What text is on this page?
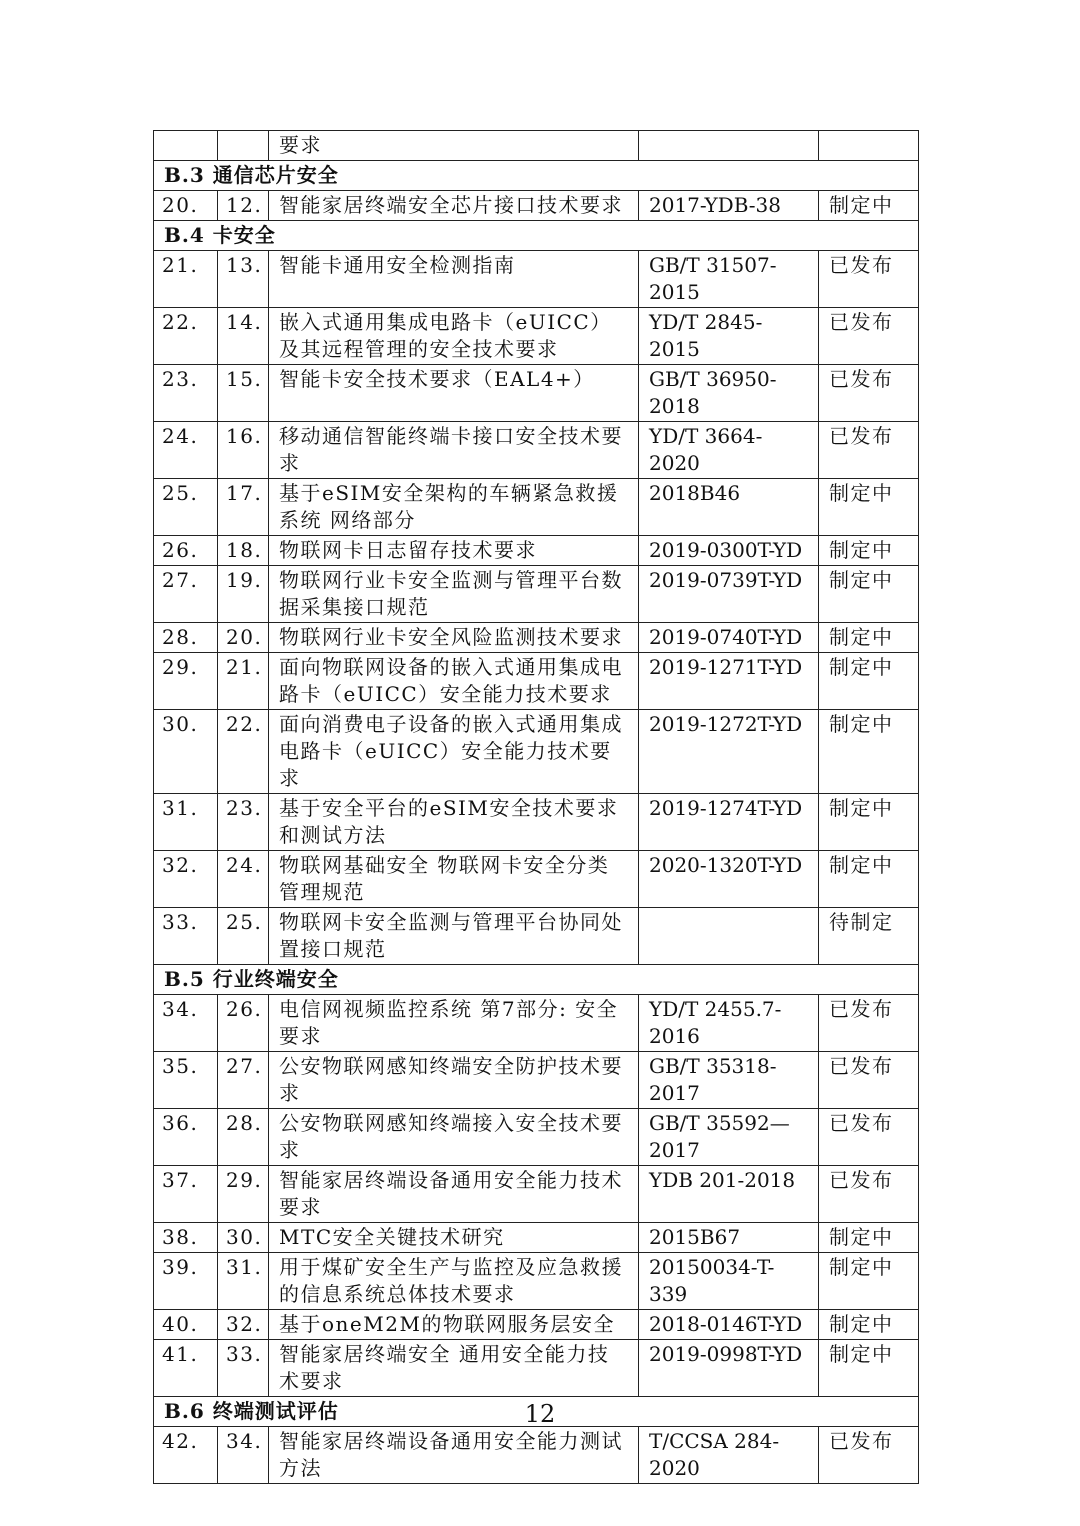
		要求		
B.3 通信芯片安全				
20.	12.	智能家居终端安全芯片接口技术要求	2017-YDB-38	制定中
B.4 卡安全				
21.	13.	智能卡通用安全检测指南	GB/T 31507-2015	已发布
22.	14.	嵌入式通用集成电路卡（eUICC）及其远程管理的安全技术要求	YD/T 2845-2015	已发布
23.	15.	智能卡安全技术要求（EAL4+）	GB/T 36950-2018	已发布
24.	16.	移动通信智能终端卡接口安全技术要求	YD/T 3664-2020	已发布
25.	17.	基于eSIM安全架构的车辆紧急救援系统 网络部分	2018B46	制定中
26.	18.	物联网卡日志留存技术要求	2019-0300T-YD	制定中
27.	19.	物联网行业卡安全监测与管理平台数据采集接口规范	2019-0739T-YD	制定中
28.	20.	物联网行业卡安全风险监测技术要求	2019-0740T-YD	制定中
29.	21.	面向物联网设备的嵌入式通用集成电路卡（eUICC）安全能力技术要求	2019-1271T-YD	制定中
30.	22.	面向消费电子设备的嵌入式通用集成电路卡（eUICC）安全能力技术要求	2019-1272T-YD	制定中
31.	23.	基于安全平台的eSIM安全技术要求和测试方法	2019-1274T-YD	制定中
32.	24.	物联网基础安全 物联网卡安全分类管理规范	2020-1320T-YD	制定中
33.	25.	物联网卡安全监测与管理平台协同处置接口规范		待制定
B.5 行业终端安全				
34.	26.	电信网视频监控系统 第7部分: 安全要求	YD/T 2455.7-2016	已发布
35.	27.	公安物联网感知终端安全防护技术要求	GB/T 35318-2017	已发布
36.	28.	公安物联网感知终端接入安全技术要求	GB/T 35592—2017	已发布
37.	29.	智能家居终端设备通用安全能力技术要求	YDB 201-2018	已发布
38.	30.	MTC安全关键技术研究	2015B67	制定中
39.	31.	用于煤矿安全生产与监控及应急救援的信息系统总体技术要求	20150034-T-339	制定中
40.	32.	基于oneM2M的物联网服务层安全	2018-0146T-YD	制定中
41.	33.	智能家居终端安全 通用安全能力技术要求	2019-0998T-YD	制定中
B.6 终端测试评估				
42.	34.	智能家居终端设备通用安全能力测试方法	T/CCSA 284-2020	已发布
12
